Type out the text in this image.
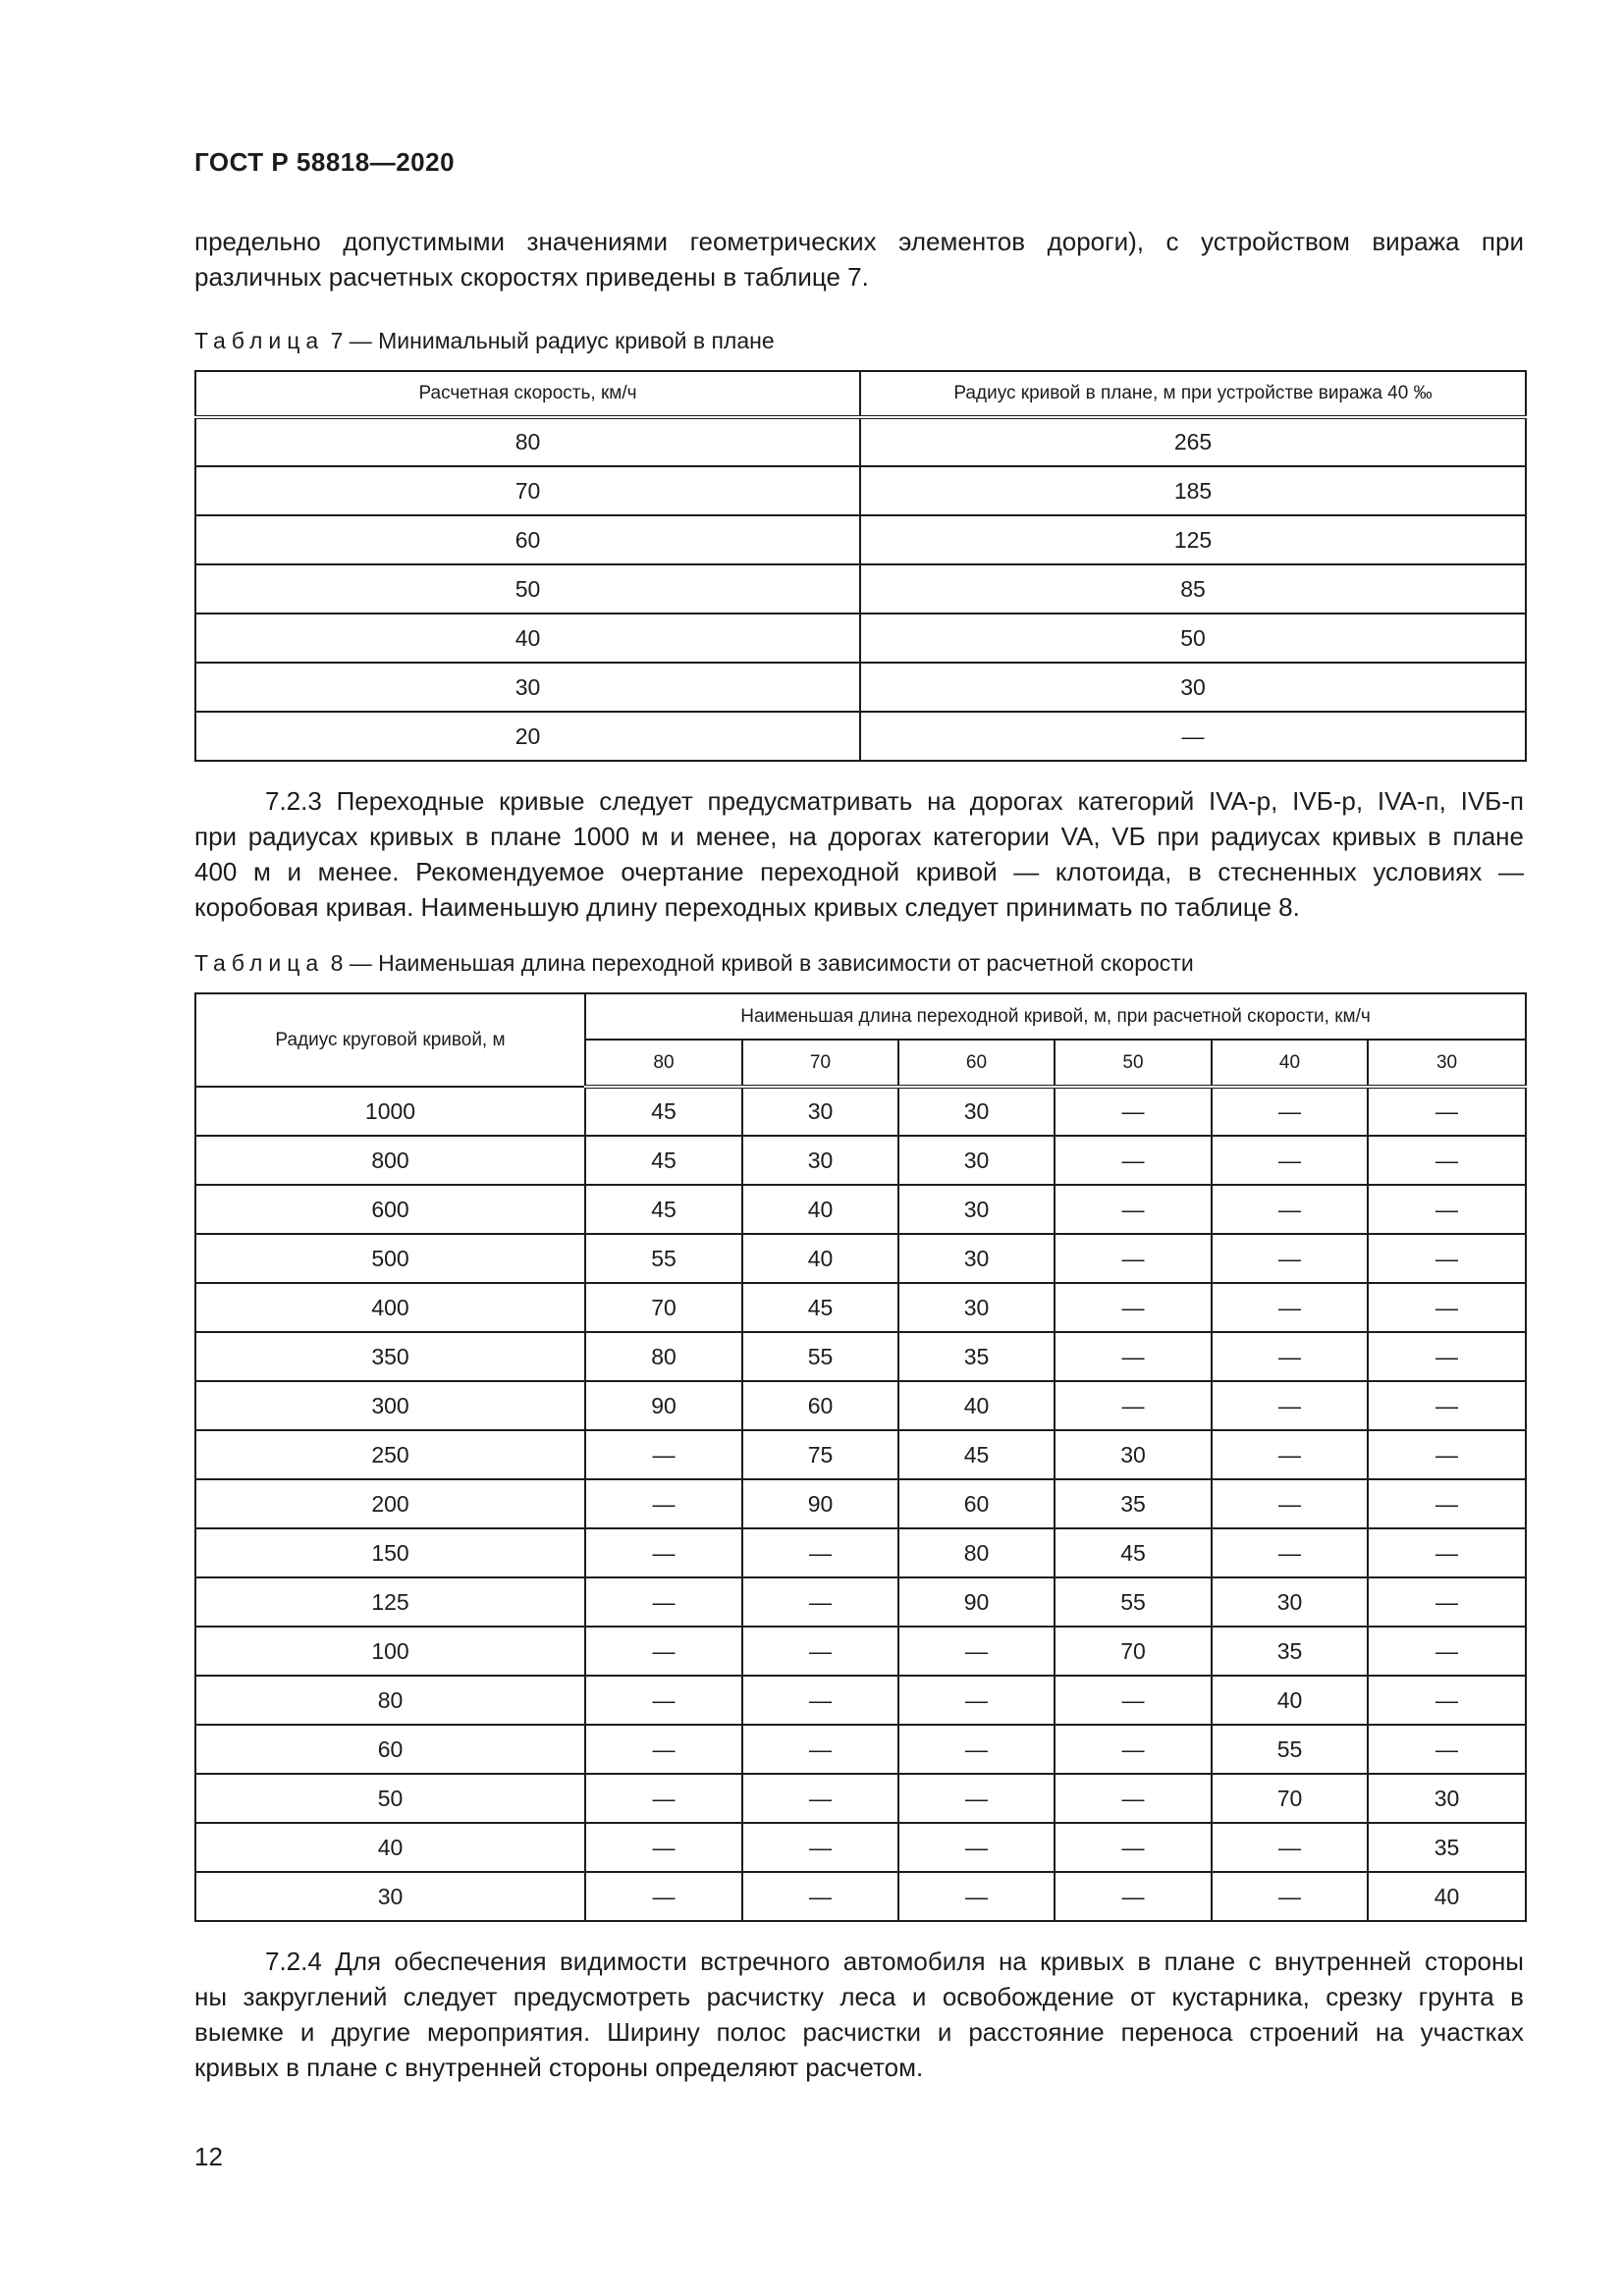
ГОСТ Р 58818—2020
предельно допустимыми значениями геометрических элементов дороги), с устройством виража при
различных расчетных скоростях приведены в таблице 7.
Таблица 7 — Минимальный радиус кривой в плане
Расчетная скорость, км/ч	Радиус кривой в плане, м при устройстве виража 40 ‰
80	265
70	185
60	125
50	85
40	50
30	30
20	—
7.2.3 Переходные кривые следует предусматривать на дорогах категорий IVA-р, IVБ-р, IVA-п, IVБ-п
при радиусах кривых в плане 1000 м и менее, на дорогах категории VA, VБ при радиусах кривых в плане
400 м и менее. Рекомендуемое очертание переходной кривой — клотоида, в стесненных условиях —
коробовая кривая. Наименьшую длину переходных кривых следует принимать по таблице 8.
Таблица 8 — Наименьшая длина переходной кривой в зависимости от расчетной скорости
Радиус круговой кривой, м	Наименьшая длина переходной кривой, м, при расчетной скорости, км/ч					
	80	70	60	50	40	30
1000	45	30	30	—	—	—
800	45	30	30	—	—	—
600	45	40	30	—	—	—
500	55	40	30	—	—	—
400	70	45	30	—	—	—
350	80	55	35	—	—	—
300	90	60	40	—	—	—
250	—	75	45	30	—	—
200	—	90	60	35	—	—
150	—	—	80	45	—	—
125	—	—	90	55	30	—
100	—	—	—	70	35	—
80	—	—	—	—	40	—
60	—	—	—	—	55	—
50	—	—	—	—	70	30
40	—	—	—	—	—	35
30	—	—	—	—	—	40
7.2.4 Для обеспечения видимости встречного автомобиля на кривых в плане с внутренней стороны
ны закруглений следует предусмотреть расчистку леса и освобождение от кустарника, срезку грунта в
выемке и другие мероприятия. Ширину полос расчистки и расстояние переноса строений на участках
кривых в плане с внутренней стороны определяют расчетом.
12
